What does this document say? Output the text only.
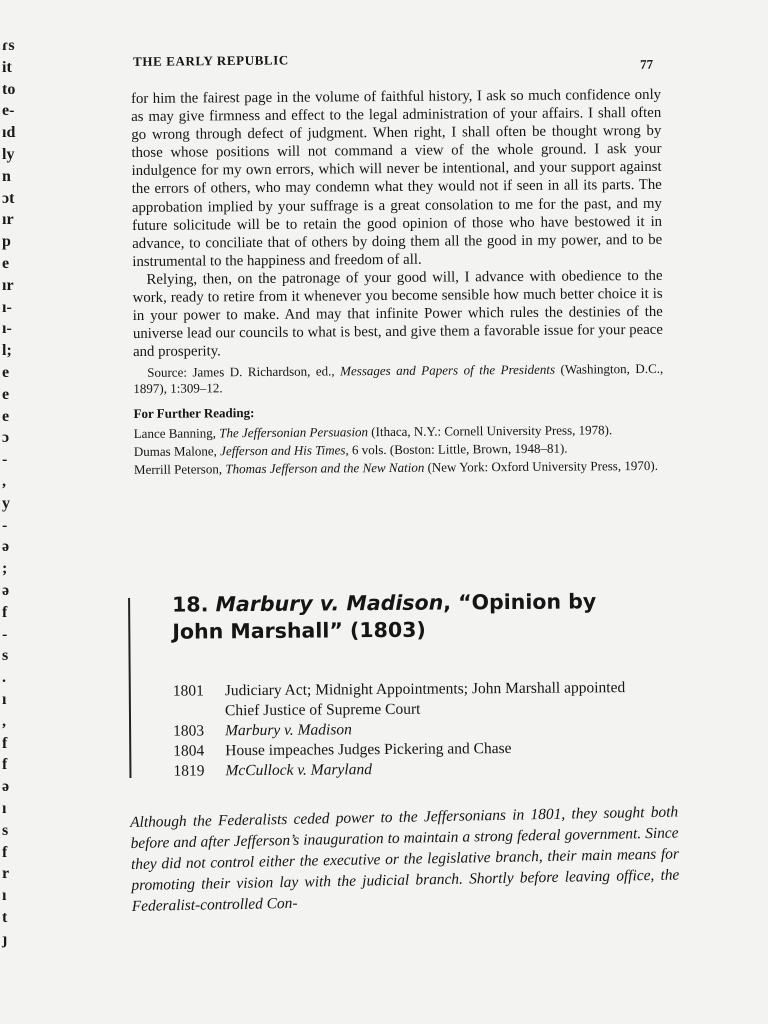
ɾs
it
to
e-
ıd
ly
n
ɔt
ır
p
e
ır
ı-
ı-
l;
e
e
e
ɔ
-
,
y
-
ə
;
ə
f
-
s
.
ı
,
f
f
ə
ı
s
f
r
ı
t
ȷ
THE EARLY REPUBLIC	77

for him the fairest page in the volume of faithful history, I ask so much confidence only as may give firmness and effect to the legal administration of your affairs. I shall often go wrong through defect of judgment. When right, I shall often be thought wrong by those whose positions will not command a view of the whole ground. I ask your indulgence for my own errors, which will never be intentional, and your support against the errors of others, who may condemn what they would not if seen in all its parts. The approbation implied by your suffrage is a great consolation to me for the past, and my future solicitude will be to retain the good opinion of those who have bestowed it in advance, to conciliate that of others by doing them all the good in my power, and to be instrumental to the happiness and freedom of all.

Relying, then, on the patronage of your good will, I advance with obedience to the work, ready to retire from it whenever you become sensible how much better choice it is in your power to make. And may that infinite Power which rules the destinies of the universe lead our councils to what is best, and give them a favorable issue for your peace and prosperity.

Source: James D. Richardson, ed., Messages and Papers of the Presidents (Washington, D.C., 1897), 1:309–12.

For Further Reading:

Lance Banning, The Jeffersonian Persuasion (Ithaca, N.Y.: Cornell University Press, 1978).

Dumas Malone, Jefferson and His Times, 6 vols. (Boston: Little, Brown, 1948–81).

Merrill Peterson, Thomas Jefferson and the New Nation (New York: Oxford University Press, 1970).

18. Marbury v. Madison, “Opinion by John Marshall” (1803)
1801	Judiciary Act; Midnight Appointments; John Marshall appointed Chief Justice of Supreme Court
1803	Marbury v. Madison
1804	House impeaches Judges Pickering and Chase
1819	McCullock v. Maryland
Although the Federalists ceded power to the Jeffersonians in 1801, they sought both before and after Jefferson’s inauguration to maintain a strong federal government. Since they did not control either the executive or the legislative branch, their main means for promoting their vision lay with the judicial branch. Shortly before leaving office, the Federalist-controlled Con-
